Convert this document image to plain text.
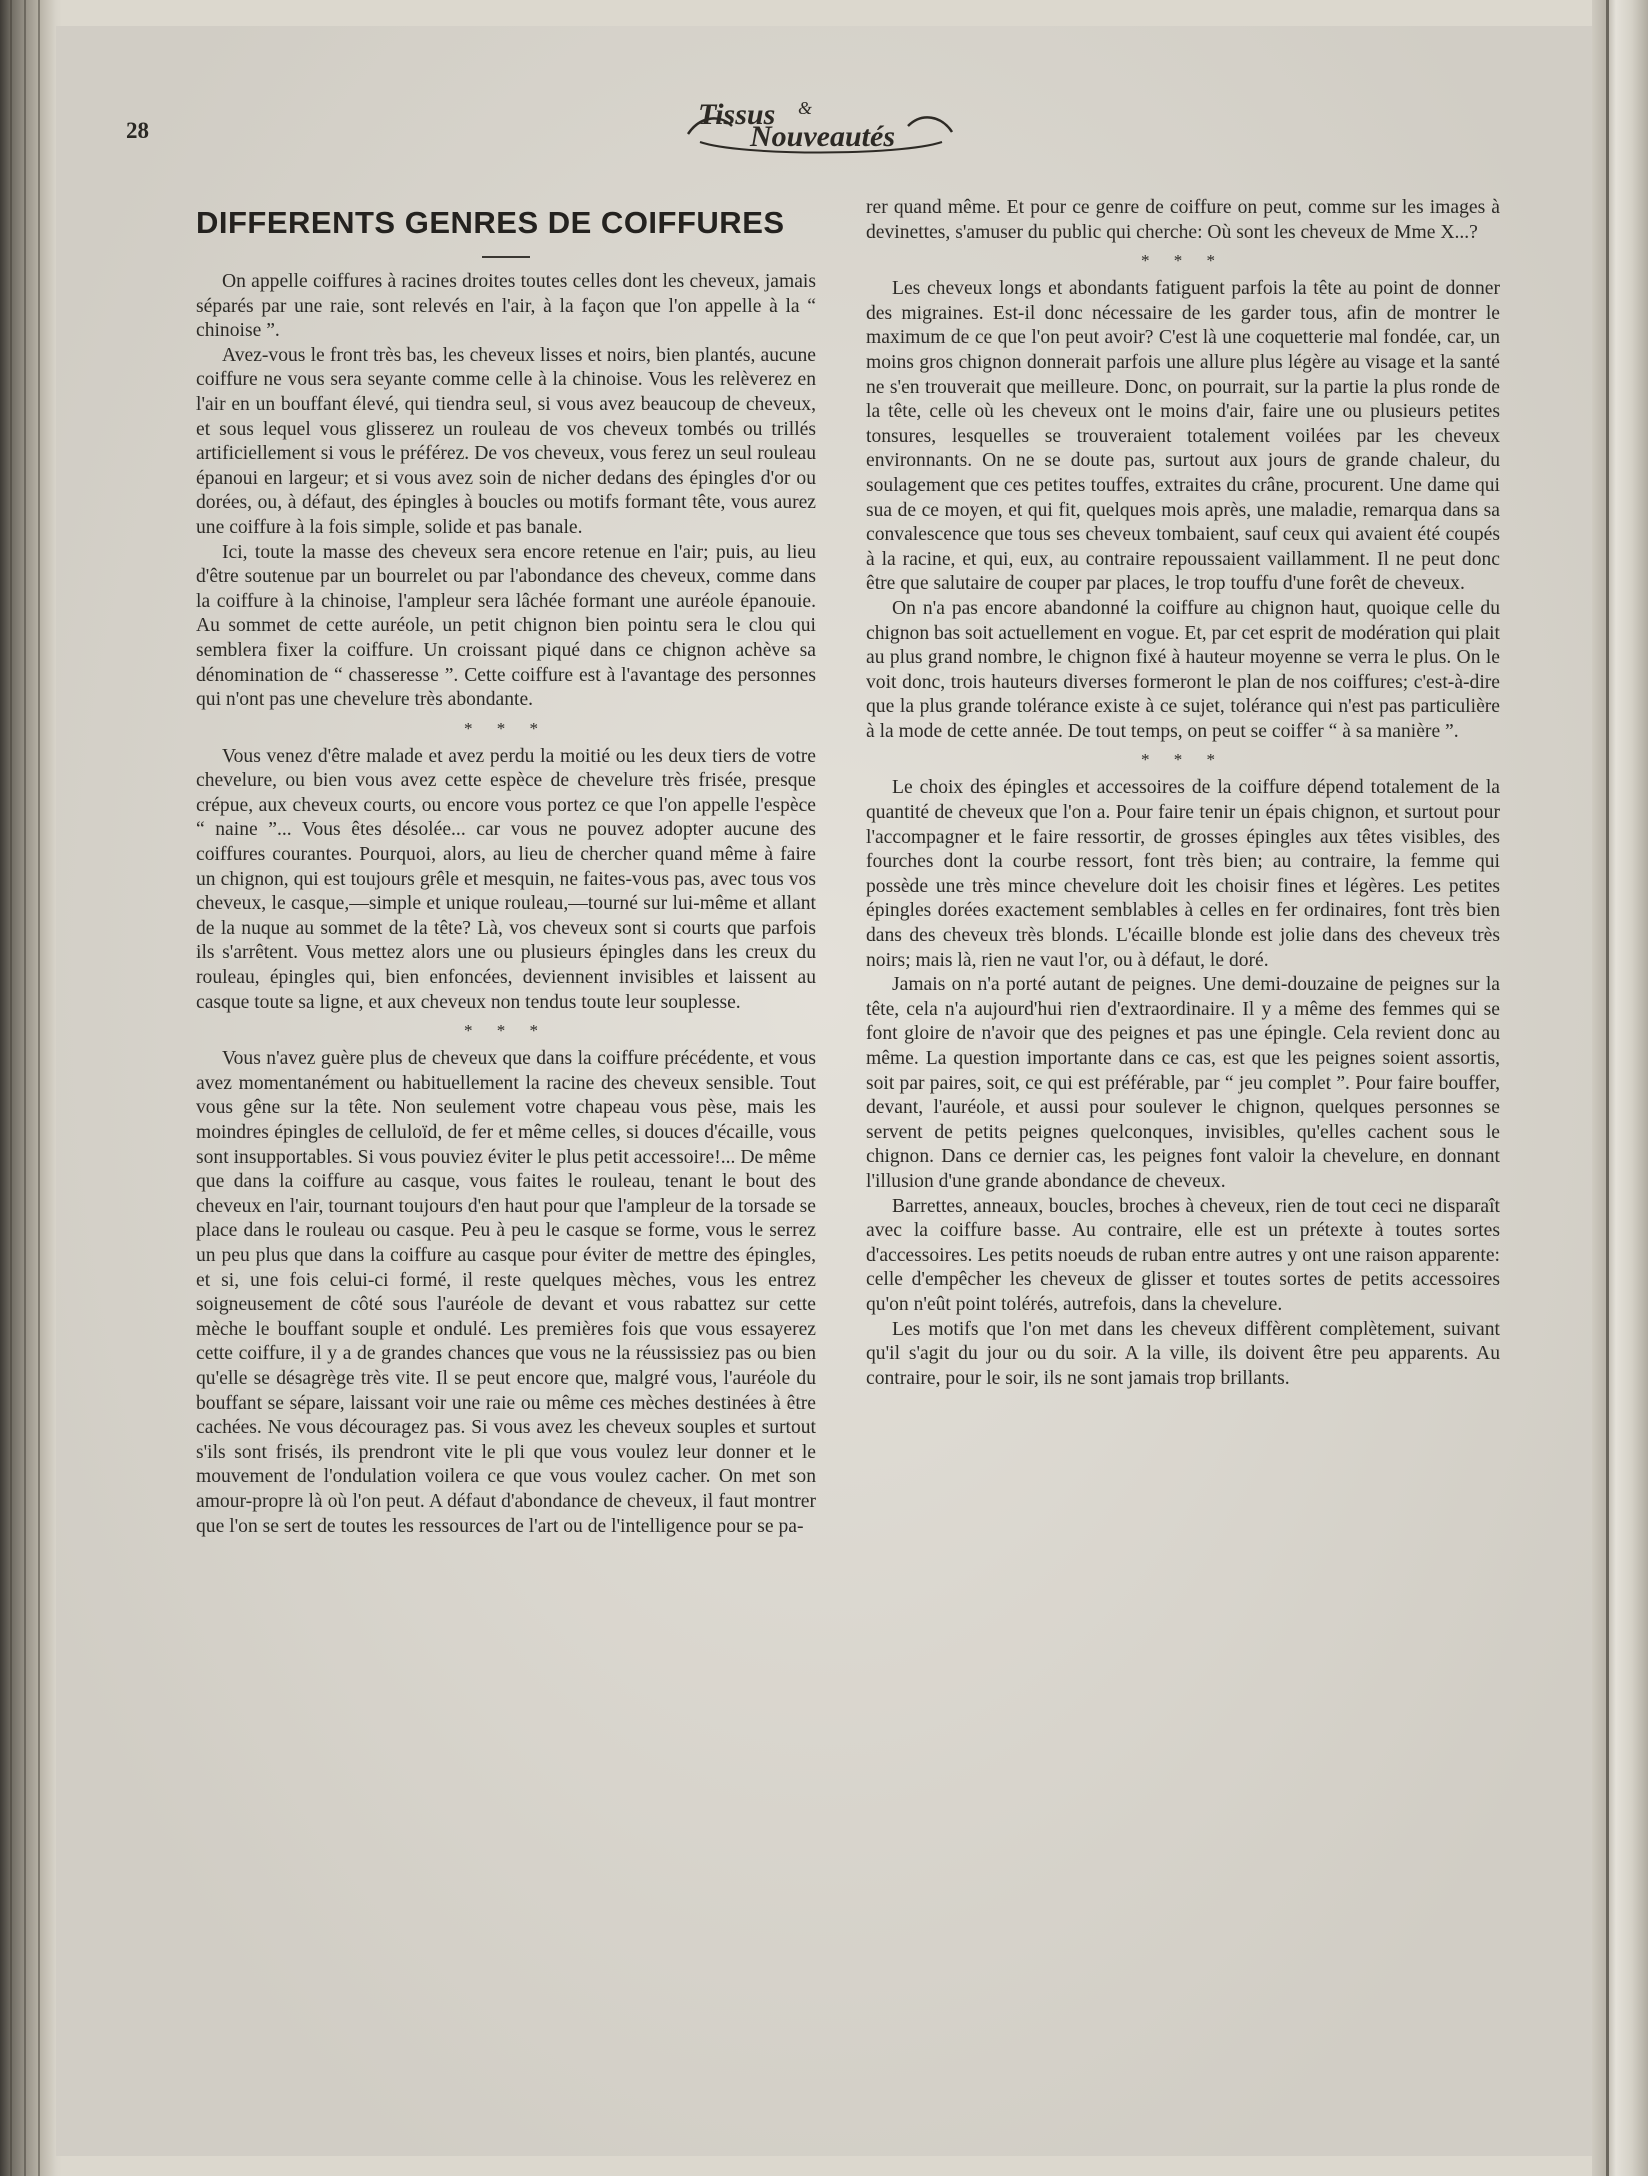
28	Tissus &
Nouveautés
DIFFERENTS GENRES DE COIFFURES

On appelle coiffures à racines droites toutes celles dont les cheveux, jamais séparés par une raie, sont relevés en l'air, à la façon que l'on appelle à la “ chinoise ”.

Avez-vous le front très bas, les cheveux lisses et noirs, bien plantés, aucune coiffure ne vous sera seyante comme celle à la chinoise. Vous les relèverez en l'air en un bouffant élevé, qui tiendra seul, si vous avez beaucoup de cheveux, et sous lequel vous glisserez un rouleau de vos cheveux tombés ou trillés artificiellement si vous le préférez. De vos cheveux, vous ferez un seul rouleau épanoui en largeur; et si vous avez soin de nicher dedans des épingles d'or ou dorées, ou, à défaut, des épingles à boucles ou motifs formant tête, vous aurez une coiffure à la fois simple, solide et pas banale.

Ici, toute la masse des cheveux sera encore retenue en l'air; puis, au lieu d'être soutenue par un bourrelet ou par l'abondance des cheveux, comme dans la coiffure à la chinoise, l'ampleur sera lâchée formant une auréole épanouie. Au sommet de cette auréole, un petit chignon bien pointu sera le clou qui semblera fixer la coiffure. Un croissant piqué dans ce chignon achève sa dénomination de “ chasseresse ”. Cette coiffure est à l'avantage des personnes qui n'ont pas une chevelure très abondante.

* * *

Vous venez d'être malade et avez perdu la moitié ou les deux tiers de votre chevelure, ou bien vous avez cette espèce de chevelure très frisée, presque crépue, aux cheveux courts, ou encore vous portez ce que l'on appelle l'espèce “ naine ”... Vous êtes désolée... car vous ne pouvez adopter aucune des coiffures courantes. Pourquoi, alors, au lieu de chercher quand même à faire un chignon, qui est toujours grêle et mesquin, ne faites-vous pas, avec tous vos cheveux, le casque,—simple et unique rouleau,—tourné sur lui-même et allant de la nuque au sommet de la tête? Là, vos cheveux sont si courts que parfois ils s'arrêtent. Vous mettez alors une ou plusieurs épingles dans les creux du rouleau, épingles qui, bien enfoncées, deviennent invisibles et laissent au casque toute sa ligne, et aux cheveux non tendus toute leur souplesse.

* * *

Vous n'avez guère plus de cheveux que dans la coiffure précédente, et vous avez momentanément ou habituellement la racine des cheveux sensible. Tout vous gêne sur la tête. Non seulement votre chapeau vous pèse, mais les moindres épingles de celluloïd, de fer et même celles, si douces d'écaille, vous sont insupportables. Si vous pouviez éviter le plus petit accessoire!... De même que dans la coiffure au casque, vous faites le rouleau, tenant le bout des cheveux en l'air, tournant toujours d'en haut pour que l'ampleur de la torsade se place dans le rouleau ou casque. Peu à peu le casque se forme, vous le serrez un peu plus que dans la coiffure au casque pour éviter de mettre des épingles, et si, une fois celui-ci formé, il reste quelques mèches, vous les entrez soigneusement de côté sous l'auréole de devant et vous rabattez sur cette mèche le bouffant souple et ondulé. Les premières fois que vous essayerez cette coiffure, il y a de grandes chances que vous ne la réussissiez pas ou bien qu'elle se désagrège très vite. Il se peut encore que, malgré vous, l'auréole du bouffant se sépare, laissant voir une raie ou même ces mèches destinées à être cachées. Ne vous découragez pas. Si vous avez les cheveux souples et surtout s'ils sont frisés, ils prendront vite le pli que vous voulez leur donner et le mouvement de l'ondulation voilera ce que vous voulez cacher. On met son amour-propre là où l'on peut. A défaut d'abondance de cheveux, il faut montrer que l'on se sert de toutes les ressources de l'art ou de l'intelligence pour se pa-

rer quand même. Et pour ce genre de coiffure on peut, comme sur les images à devinettes, s'amuser du public qui cherche: Où sont les cheveux de Mme X...?

* * *

Les cheveux longs et abondants fatiguent parfois la tête au point de donner des migraines. Est-il donc nécessaire de les garder tous, afin de montrer le maximum de ce que l'on peut avoir? C'est là une coquetterie mal fondée, car, un moins gros chignon donnerait parfois une allure plus légère au visage et la santé ne s'en trouverait que meilleure. Donc, on pourrait, sur la partie la plus ronde de la tête, celle où les cheveux ont le moins d'air, faire une ou plusieurs petites tonsures, lesquelles se trouveraient totalement voilées par les cheveux environnants. On ne se doute pas, surtout aux jours de grande chaleur, du soulagement que ces petites touffes, extraites du crâne, procurent. Une dame qui sua de ce moyen, et qui fit, quelques mois après, une maladie, remarqua dans sa convalescence que tous ses cheveux tombaient, sauf ceux qui avaient été coupés à la racine, et qui, eux, au contraire repoussaient vaillamment. Il ne peut donc être que salutaire de couper par places, le trop touffu d'une forêt de cheveux.

On n'a pas encore abandonné la coiffure au chignon haut, quoique celle du chignon bas soit actuellement en vogue. Et, par cet esprit de modération qui plait au plus grand nombre, le chignon fixé à hauteur moyenne se verra le plus. On le voit donc, trois hauteurs diverses formeront le plan de nos coiffures; c'est-à-dire que la plus grande tolérance existe à ce sujet, tolérance qui n'est pas particulière à la mode de cette année. De tout temps, on peut se coiffer “ à sa manière ”.

* * *

Le choix des épingles et accessoires de la coiffure dépend totalement de la quantité de cheveux que l'on a. Pour faire tenir un épais chignon, et surtout pour l'accompagner et le faire ressortir, de grosses épingles aux têtes visibles, des fourches dont la courbe ressort, font très bien; au contraire, la femme qui possède une très mince chevelure doit les choisir fines et légères. Les petites épingles dorées exactement semblables à celles en fer ordinaires, font très bien dans des cheveux très blonds. L'écaille blonde est jolie dans des cheveux très noirs; mais là, rien ne vaut l'or, ou à défaut, le doré.

Jamais on n'a porté autant de peignes. Une demi-douzaine de peignes sur la tête, cela n'a aujourd'hui rien d'extraordinaire. Il y a même des femmes qui se font gloire de n'avoir que des peignes et pas une épingle. Cela revient donc au même. La question importante dans ce cas, est que les peignes soient assortis, soit par paires, soit, ce qui est préférable, par “ jeu complet ”. Pour faire bouffer, devant, l'auréole, et aussi pour soulever le chignon, quelques personnes se servent de petits peignes quelconques, invisibles, qu'elles cachent sous le chignon. Dans ce dernier cas, les peignes font valoir la chevelure, en donnant l'illusion d'une grande abondance de cheveux.

Barrettes, anneaux, boucles, broches à cheveux, rien de tout ceci ne disparaît avec la coiffure basse. Au contraire, elle est un prétexte à toutes sortes d'accessoires. Les petits noeuds de ruban entre autres y ont une raison apparente: celle d'empêcher les cheveux de glisser et toutes sortes de petits accessoires qu'on n'eût point tolérés, autrefois, dans la chevelure.

Les motifs que l'on met dans les cheveux diffèrent complètement, suivant qu'il s'agit du jour ou du soir. A la ville, ils doivent être peu apparents. Au contraire, pour le soir, ils ne sont jamais trop brillants.
